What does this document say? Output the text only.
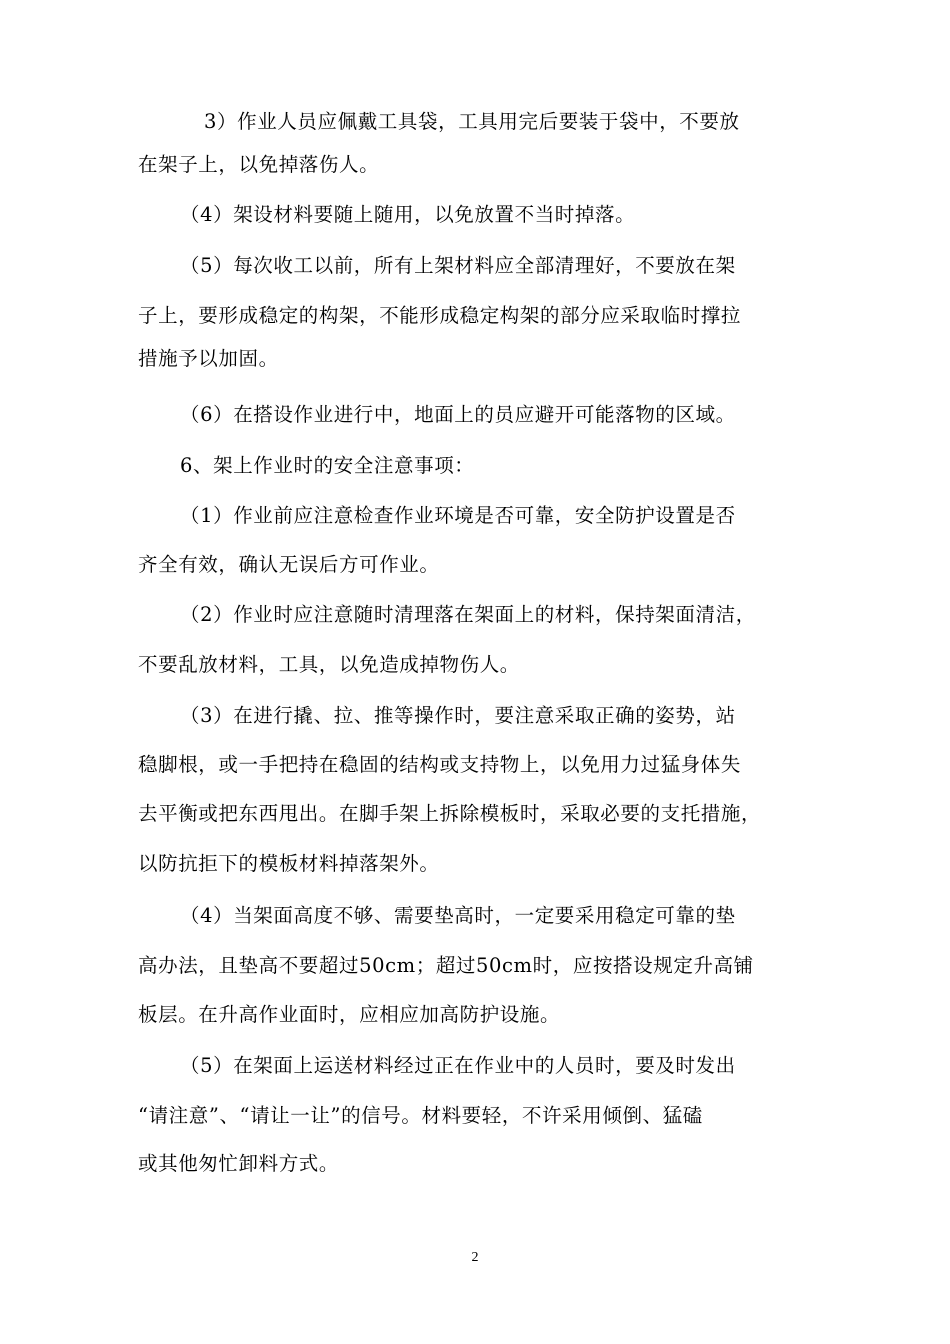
3）作业人员应佩戴工具袋，工具用完后要装于袋中，不要放
在架子上，以免掉落伤人。
（4）架设材料要随上随用，以免放置不当时掉落。
（5）每次收工以前，所有上架材料应全部清理好，不要放在架
子上，要形成稳定的构架，不能形成稳定构架的部分应采取临时撑拉
措施予以加固。
（6）在搭设作业进行中，地面上的员应避开可能落物的区域。
6、架上作业时的安全注意事项：
（1）作业前应注意检查作业环境是否可靠，安全防护设置是否
齐全有效，确认无误后方可作业。
（2）作业时应注意随时清理落在架面上的材料，保持架面清洁，
不要乱放材料，工具，以免造成掉物伤人。
（3）在进行撬、拉、推等操作时，要注意采取正确的姿势，站
稳脚根，或一手把持在稳固的结构或支持物上，以免用力过猛身体失
去平衡或把东西甩出。在脚手架上拆除模板时，采取必要的支托措施，
以防抗拒下的模板材料掉落架外。
（4）当架面高度不够、需要垫高时，一定要采用稳定可靠的垫
高办法，且垫高不要超过50cm；超过50cm时，应按搭设规定升高铺
板层。在升高作业面时，应相应加高防护设施。
（5）在架面上运送材料经过正在作业中的人员时，要及时发出
“请注意”、“请让一让”的信号。材料要轻，不许采用倾倒、猛磕
或其他匆忙卸料方式。
2
